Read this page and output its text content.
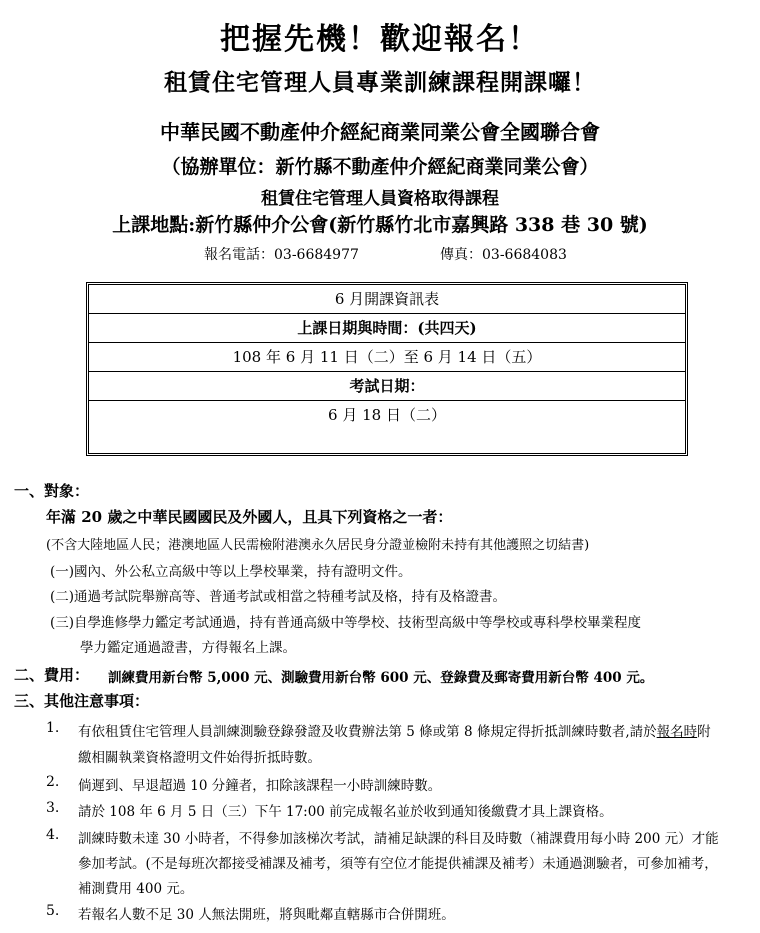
把握先機！歡迎報名！
租賃住宅管理人員專業訓練課程開課囉！
中華民國不動產仲介經紀商業同業公會全國聯合會
（協辦單位：新竹縣不動產仲介經紀商業同業公會）
租賃住宅管理人員資格取得課程
上課地點:新竹縣仲介公會(新竹縣竹北市嘉興路 338 巷 30 號)
報名電話：03-6684977	傳真：03-6684083
6 月開課資訊表
上課日期與時間：(共四天)
108 年 6 月 11 日（二）至 6 月 14 日（五）
考試日期：
6 月 18 日（二）
一、對象：
年滿 20 歲之中華民國國民及外國人，且具下列資格之一者：
(不含大陸地區人民；港澳地區人民需檢附港澳永久居民身分證並檢附未持有其他護照之切結書)
(一)國內、外公私立高級中等以上學校畢業，持有證明文件。
(二)通過考試院舉辦高等、普通考試或相當之特種考試及格，持有及格證書。
(三)自學進修學力鑑定考試通過，持有普通高級中等學校、技術型高級中等學校或專科學校畢業程度
學力鑑定通過證書，方得報名上課。
二、費用： 訓練費用新台幣 5,000 元、測驗費用新台幣 600 元、登錄費及郵寄費用新台幣 400 元。
三、其他注意事項：
1. 有依租賃住宅管理人員訓練測驗登錄發證及收費辦法第 5 條或第 8 條規定得折抵訓練時數者,請於報名時附
繳相關執業資格證明文件始得折抵時數。
2. 倘遲到、早退超過 10 分鐘者，扣除該課程一小時訓練時數。
3. 請於 108 年 6 月 5 日（三）下午 17:00 前完成報名並於收到通知後繳費才具上課資格。
4. 訓練時數未達 30 小時者，不得參加該梯次考試，請補足缺課的科目及時數（補課費用每小時 200 元）才能
參加考試。(不是每班次都接受補課及補考，須等有空位才能提供補課及補考）未通過測驗者，可參加補考，
補測費用 400 元。
5. 若報名人數不足 30 人無法開班，將與毗鄰直轄縣市合併開班。
